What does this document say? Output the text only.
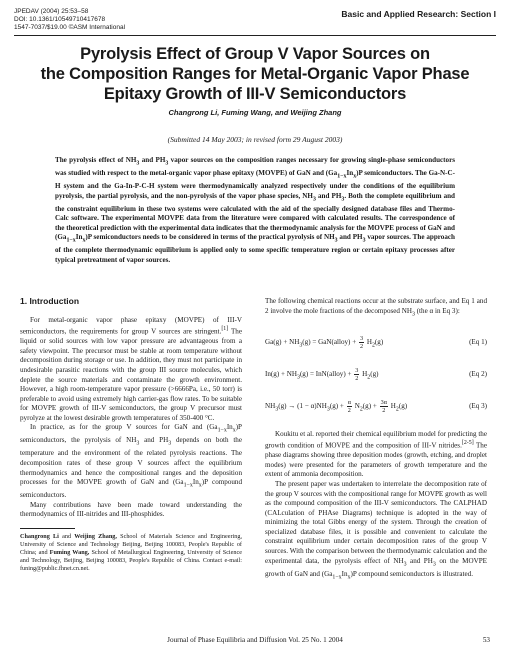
JPEDAV (2004) 25:53–58
DOI: 10.1361/10549710417678
1547-7037/$19.00 ©ASM International
Basic and Applied Research: Section I
Pyrolysis Effect of Group V Vapor Sources on
the Composition Ranges for Metal-Organic Vapor Phase
Epitaxy Growth of III-V Semiconductors
Changrong Li, Fuming Wang, and Weijing Zhang
(Submitted 14 May 2003; in revised form 29 August 2003)
The pyrolysis effect of $NH_3$ and $PH_3$ vapor sources on the composition ranges necessary for growing single-phase semiconductors was studied with respect to the metal-organic vapor phase epitaxy (MOVPE) of GaN and $(Ga_{1-x}In_x)P$ semiconductors. The Ga-N-C-H system and the Ga-In-P-C-H system were thermodynamically analyzed respectively under the conditions of the equilibrium pyrolysis, the partial pyrolysis, and the non-pyrolysis of the vapor phase species, $NH_3$ and $PH_3$. Both the complete equilibrium and the constraint equilibrium in these two systems were calculated with the aid of the specially designed database files and Thermo-Calc software. The experimental MOVPE data from the literature were compared with calculated results. The correspondence of the theoretical prediction with the experimental data indicates that the thermodynamic analysis for the MOVPE process of GaN and $(Ga_{1-x}In_x)P$ semiconductors needs to be considered in terms of the practical pyrolysis of $NH_3$ and $PH_3$ vapor sources. The approach of the complete thermodynamic equilibrium is applied only to some specific temperature region or certain epitaxy processes after typical pretreatment of vapor sources.
1. Introduction

For metal-organic vapor phase epitaxy (MOVPE) of III-V semiconductors, the requirements for group V sources are stringent.[1] The liquid or solid sources with low vapor pressure are advantageous from a safety viewpoint. The precursor must be stable at room temperature without decomposition during storage or use. In addition, they must not participate in undesirable parasitic reactions with the group III source molecules, which deplete the source materials and contaminate the growth environment. However, a high room-temperature vapor pressure (>6666Pa, i.e., 50 torr) is preferable to avoid using extremely high carrier-gas flow rates. To be suitable for MOVPE growth of III-V semiconductors, the group V precursor must pyrolyze at the lowest desirable growth temperatures of 350-400 °C.

In practice, as for the group V sources for GaN and $(Ga_{1-x}In_x)P$ semiconductors, the pyrolysis of $NH_3$ and $PH_3$ depends on both the temperature and the environment of the related pyrolysis reactions. The decomposition rates of these group V sources affect the equilibrium thermodynamics and hence the compositional ranges and the deposition processes for the MOVPE growth of GaN and $(Ga_{1-x}In_x)P$ compound semiconductors.

Many contributions have been made toward understanding the thermodynamics of III-nitrides and III-phosphides.

Changrong Li and Weijing Zhang, School of Materials Science and Engineering, University of Science and Technology Beijing, Beijing 100083, People's Republic of China; and Fuming Wang, School of Metallurgical Engineering, University of Science and Technology, Beijing, Beijing 100083, People's Republic of China. Contact e-mail: funing@public.fhnet.cn.net.

The following chemical reactions occur at the substrate surface, and Eq 1 and 2 involve the mole fractions of the decomposed $NH_3$ (the α in Eq 3):

$Ga(g) + NH_3(g)$ = GaN(alloy) + $\frac{3}{2} H_2(g)$	(Eq 1)
$In(g) + NH_3(g)$ = InN(alloy) + $\frac{3}{2} H_2(g)$	(Eq 2)
$NH_3(g) \to (1 - \alpha)NH_3(g) + \frac{\alpha}{2} N_2(g) + \frac{3\alpha}{2} H_2(g)$	(Eq 3)

Koukitu et al. reported their chemical equilibrium model for predicting the growth condition of MOVPE and the composition of III-V nitrides.[2-5] The phase diagrams showing three deposition modes (growth, etching, and droplet modes) were presented for the parameters of growth temperature and the extent of ammonia decomposition.

The present paper was undertaken to interrelate the decomposition rate of the group V sources with the compositional range for MOVPE growth as well as the compound composition of the III-V semiconductors. The CALPHAD (CALculation of PHAse Diagrams) technique is adopted in the way of minimizing the total Gibbs energy of the system. Through the creation of specialized database files, it is possible and convenient to calculate the constraint equilibrium under certain decomposition rates of the group V sources. With the comparison between the thermodynamic calculation and the experimental data, the pyrolysis effect of $NH_3$ and $PH_3$ on the MOVPE growth of GaN and $(Ga_{1-x}In_x)P$ compound semiconductors is illustrated.

Journal of Phase Equilibria and Diffusion Vol. 25 No. 1 2004	53
